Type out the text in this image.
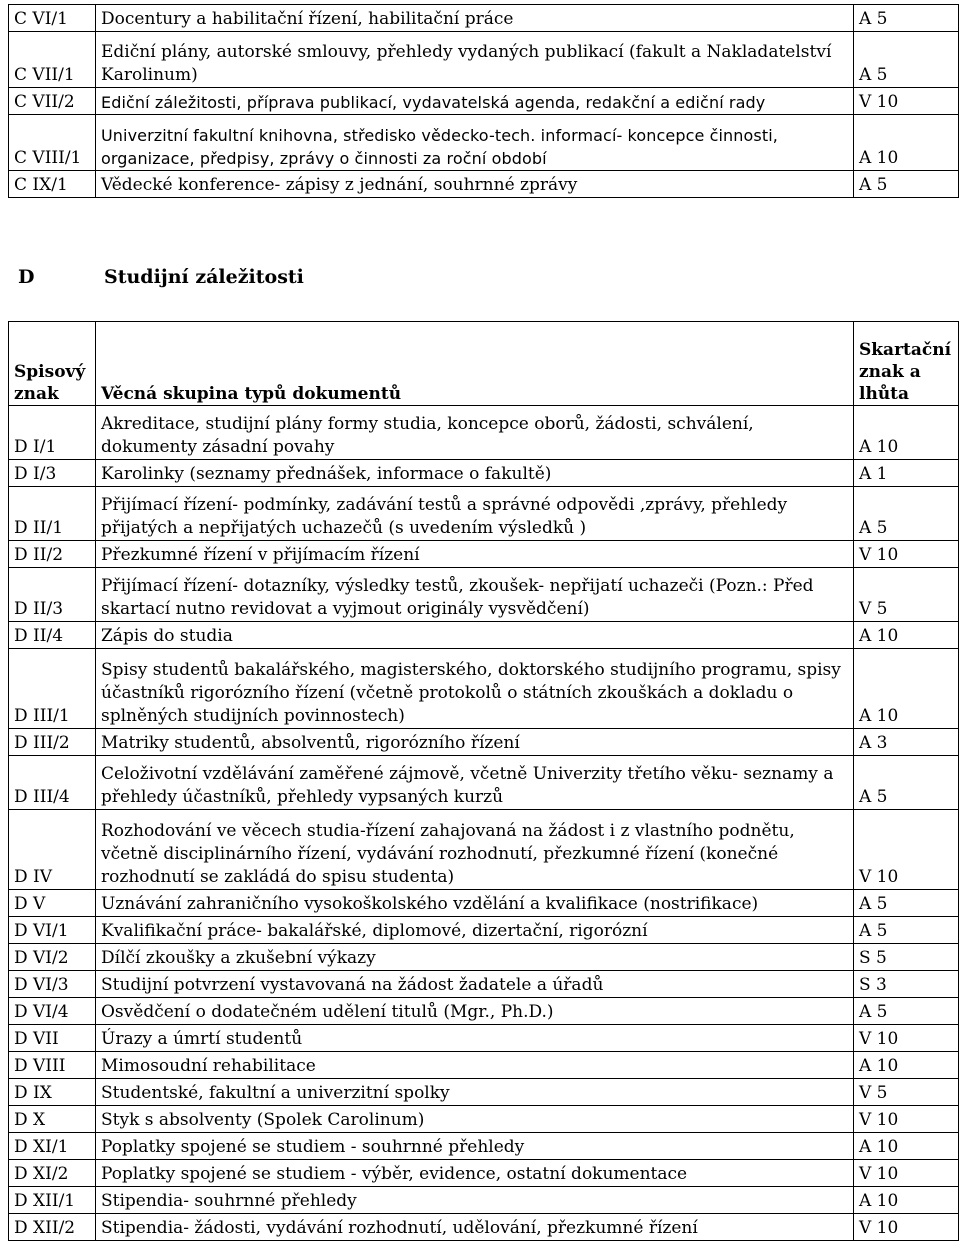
C VI/1	Docentury a habilitační řízení, habilitační práce	A 5
C VII/1	Ediční plány, autorské smlouvy, přehledy vydaných publikací (fakult a Nakladatelství Karolinum)	A 5
C VII/2	Ediční záležitosti, příprava publikací, vydavatelská agenda, redakční a ediční rady	V 10
C VIII/1	Univerzitní fakultní knihovna, středisko vědecko-tech. informací- koncepce činnosti, organizace, předpisy, zprávy o činnosti za roční období	A 10
C IX/1	Vědecké konference- zápisy z jednání, souhrnné zprávy	A 5
D	Studijní záležitosti
Spisový znak	Věcná skupina typů dokumentů	Skartační znak a lhůta
D I/1	Akreditace, studijní plány formy studia, koncepce oborů, žádosti, schválení, dokumenty zásadní povahy	A 10
D I/3	Karolinky (seznamy přednášek, informace o fakultě)	A 1
D II/1	Přijímací řízení- podmínky, zadávání testů a správné odpovědi ,zprávy, přehledy přijatých a nepřijatých uchazečů (s uvedením výsledků )	A 5
D II/2	Přezkumné řízení v přijímacím řízení	V 10
D II/3	Přijímací řízení- dotazníky, výsledky testů, zkoušek- nepřijatí uchazeči (Pozn.: Před skartací nutno revidovat a vyjmout originály vysvědčení)	V 5
D II/4	Zápis do studia	A 10
D III/1	Spisy studentů bakalářského, magisterského, doktorského studijního programu, spisy účastníků rigorózního řízení (včetně protokolů o státních zkouškách a dokladu o splněných studijních povinnostech)	A 10
D III/2	Matriky studentů, absolventů, rigorózního řízení	A 3
D III/4	Celoživotní vzdělávání zaměřené zájmově, včetně Univerzity třetího věku- seznamy a přehledy účastníků, přehledy vypsaných kurzů	A 5
D IV	Rozhodování ve věcech studia-řízení zahajovaná na žádost i z vlastního podnětu, včetně disciplinárního řízení, vydávání rozhodnutí, přezkumné řízení (konečné rozhodnutí se zakládá do spisu studenta)	V 10
D V	Uznávání zahraničního vysokoškolského vzdělání a kvalifikace (nostrifikace)	A 5
D VI/1	Kvalifikační práce- bakalářské, diplomové, dizertační, rigorózní	A 5
D VI/2	Dílčí zkoušky a zkušební výkazy	S 5
D VI/3	Studijní potvrzení vystavovaná na žádost žadatele a úřadů	S 3
D VI/4	Osvědčení o dodatečném udělení titulů (Mgr., Ph.D.)	A 5
D VII	Úrazy a úmrtí studentů	V 10
D VIII	Mimosoudní rehabilitace	A 10
D IX	Studentské, fakultní a univerzitní spolky	V 5
D X	Styk s absolventy (Spolek Carolinum)	V 10
D XI/1	Poplatky spojené se studiem - souhrnné přehledy	A 10
D XI/2	Poplatky spojené se studiem - výběr, evidence, ostatní dokumentace	V 10
D XII/1	Stipendia- souhrnné přehledy	A 10
D XII/2	Stipendia- žádosti, vydávání rozhodnutí, udělování, přezkumné řízení	V 10
